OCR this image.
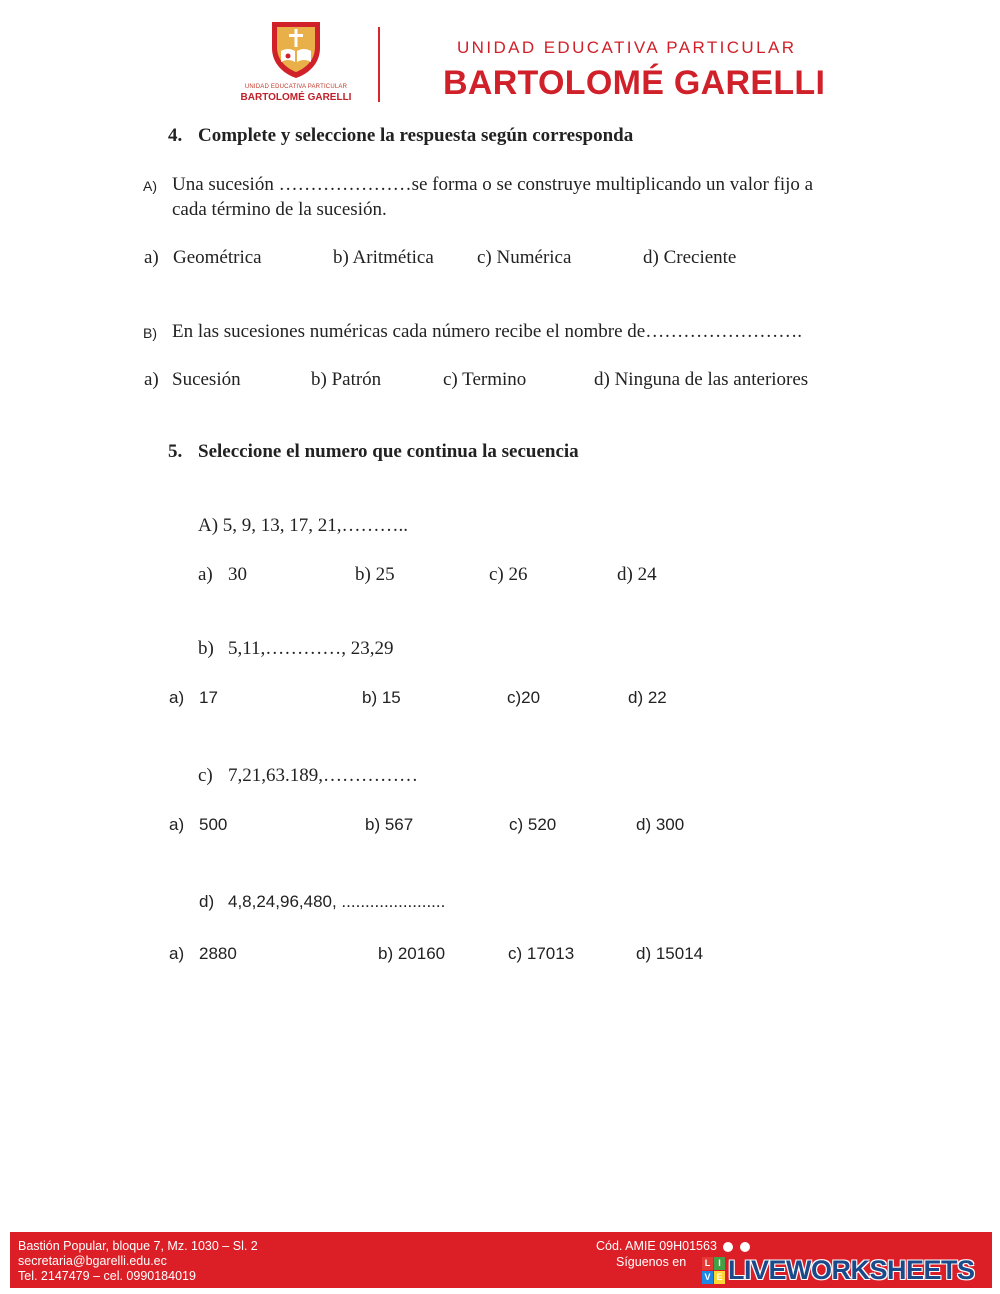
UNIDAD EDUCATIVA PARTICULAR
BARTOLOMÉ GARELLI
UNIDAD EDUCATIVA PARTICULAR
BARTOLOMÉ GARELLI
4. Complete y seleccione la respuesta según corresponda
A) Una sucesión …………………se forma o se construye multiplicando un valor fijo a
cada término de la sucesión.
a) Geométrica	b) Aritmética c) Numérica	d) Creciente
B) En las sucesiones numéricas cada número recibe el nombre de…………………….
a) Sucesión	b) Patrón	c) Termino	d) Ninguna de las anteriores
5. Seleccione el numero que continua la secuencia
A) 5, 9, 13, 17, 21,………..
a) 30	b) 25	c) 26	d) 24
b) 5,11,…………, 23,29
a) 17	b) 15	c)20	d) 22
c) 7,21,63.189,……………
a) 500	b) 567	c) 520	d) 300
d) 4,8,24,96,480, ......................
a) 2880	b) 20160	c) 17013	d) 15014
Bastión Popular, bloque 7, Mz. 1030 – Sl. 2
secretaria@bgarelli.edu.ec
Tel. 2147479 – cel. 0990184019
Cód. AMIE 09H01563
Síguenos en	L I
V E LIVEWORKSHEETS
